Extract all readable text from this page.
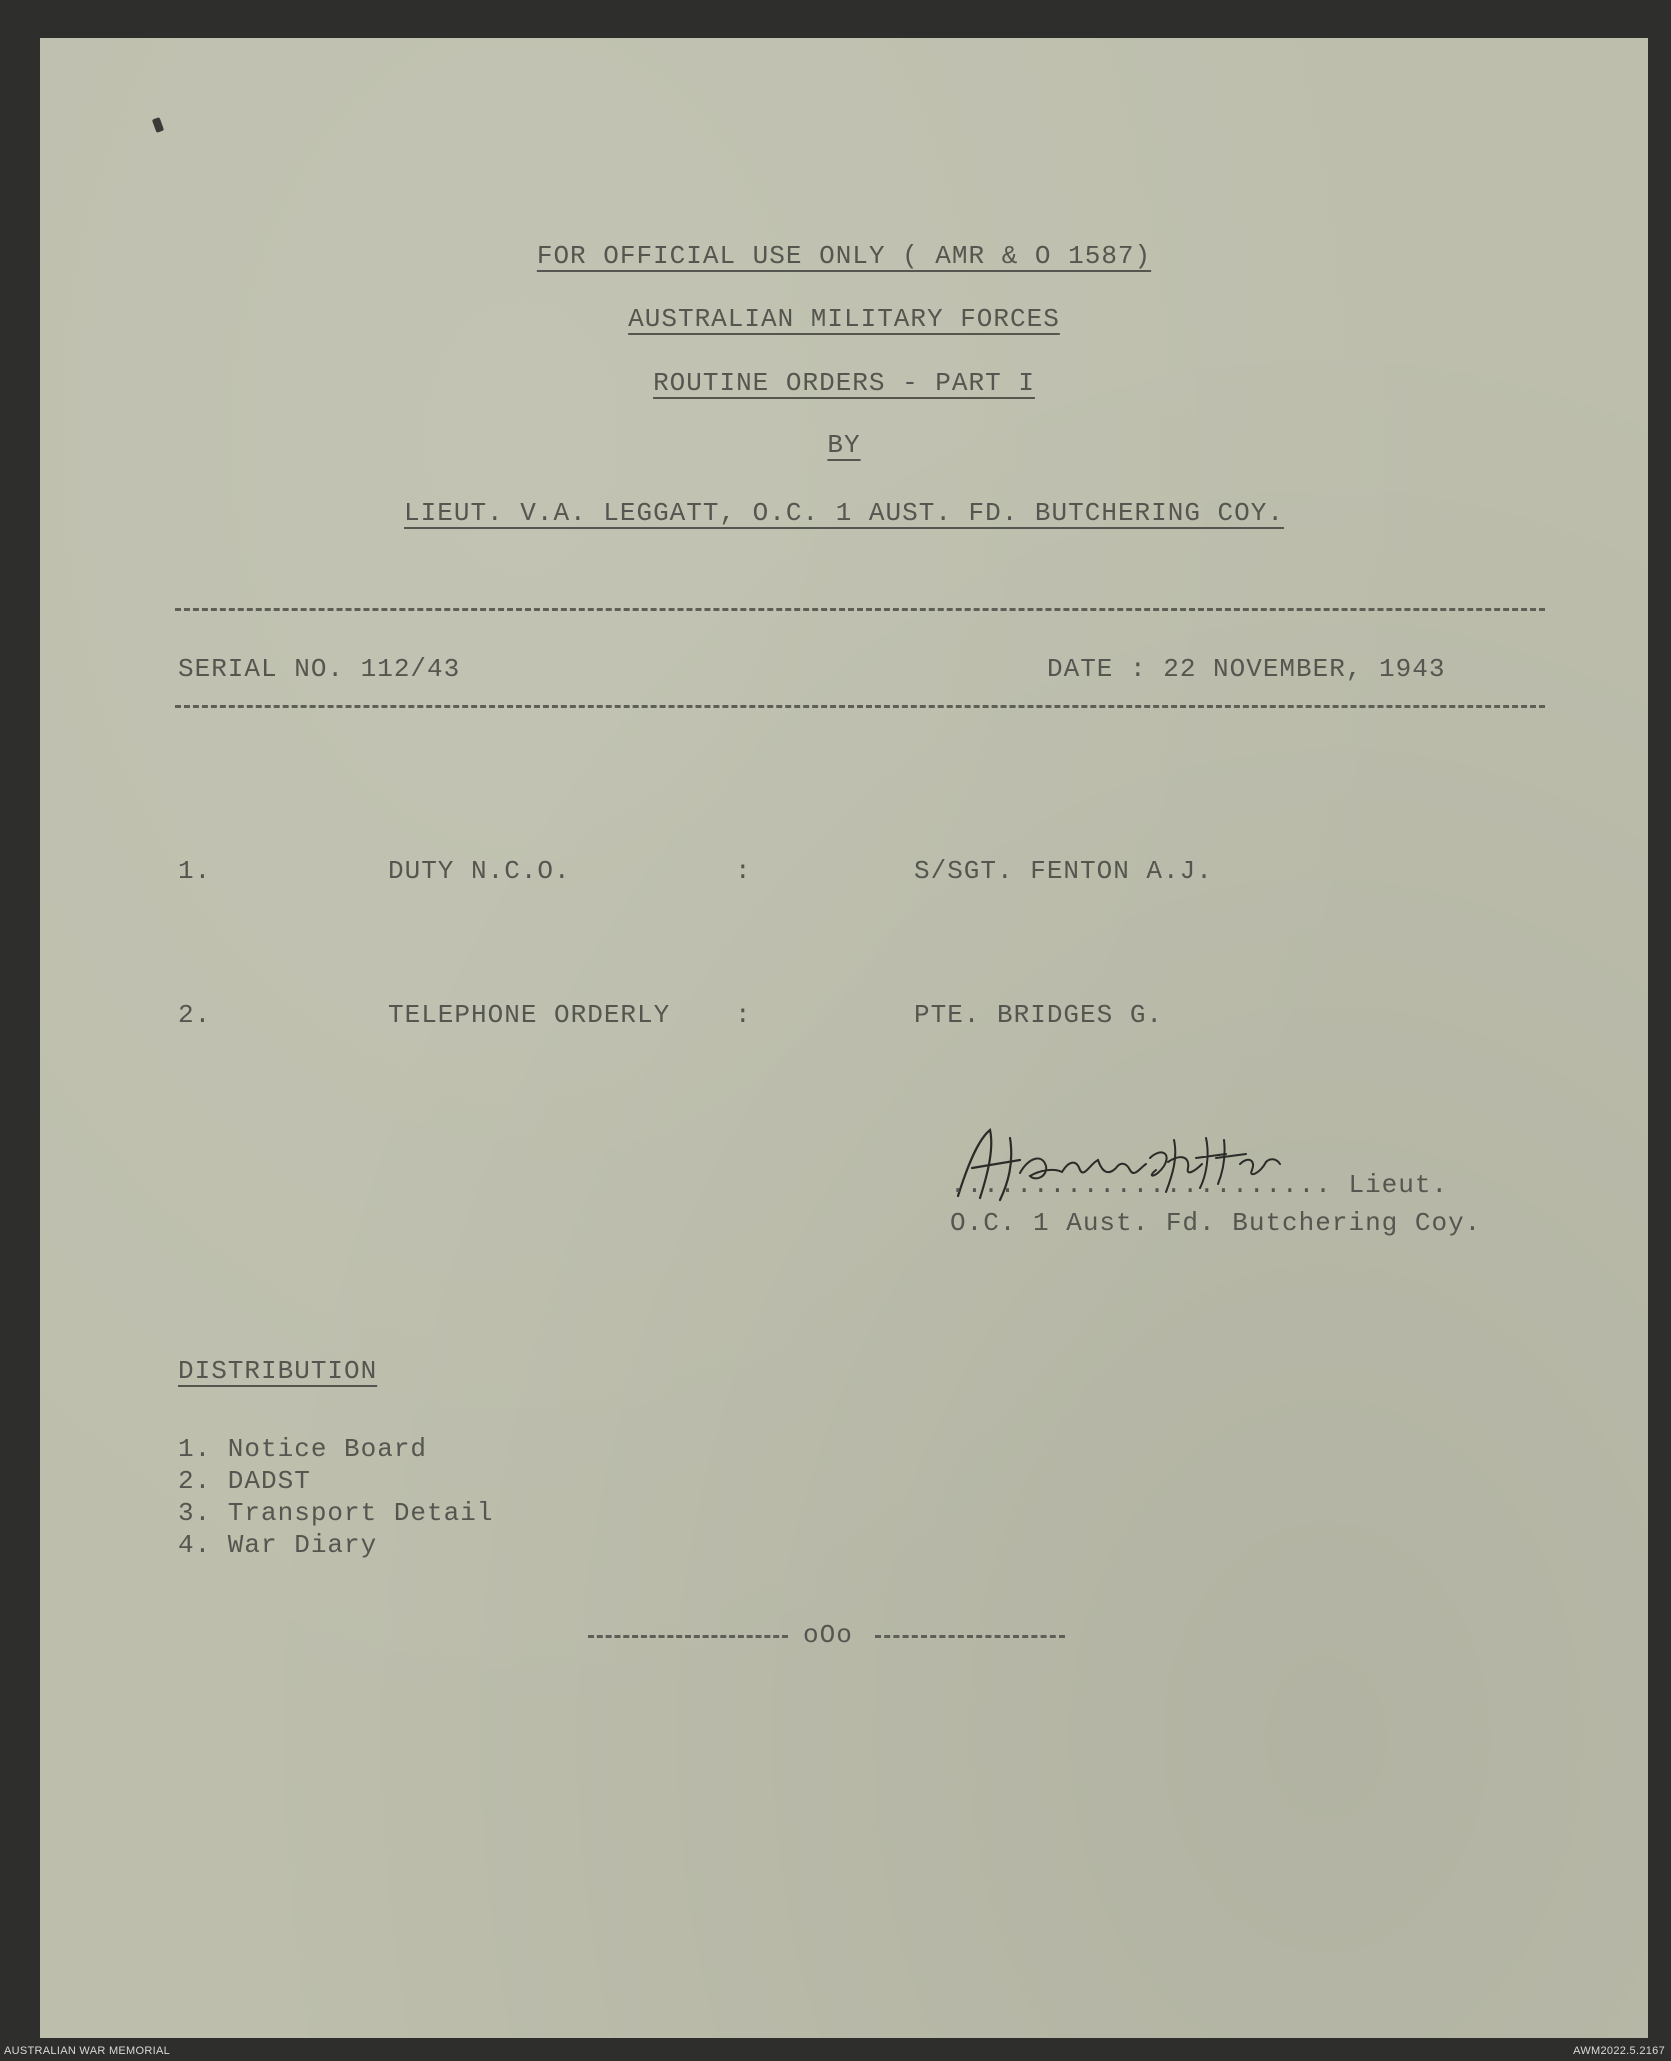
FOR OFFICIAL USE ONLY ( AMR & O 1587)
AUSTRALIAN MILITARY FORCES
ROUTINE ORDERS - PART I
BY
LIEUT. V.A. LEGGATT, O.C. 1 AUST. FD. BUTCHERING COY.
SERIAL NO. 112/43	DATE : 22 NOVEMBER, 1943
1.	DUTY N.C.O.	:	S/SGT. FENTON A.J.
2.	TELEPHONE ORDERLY :	PTE. BRIDGES G.
....................... Lieut.
O.C. 1 Aust. Fd. Butchering Coy.
DISTRIBUTION
1. Notice Board
2. DADST
3. Transport Detail
4. War Diary
oOo
AUSTRALIAN WAR MEMORIAL	AWM2022.5.2167
